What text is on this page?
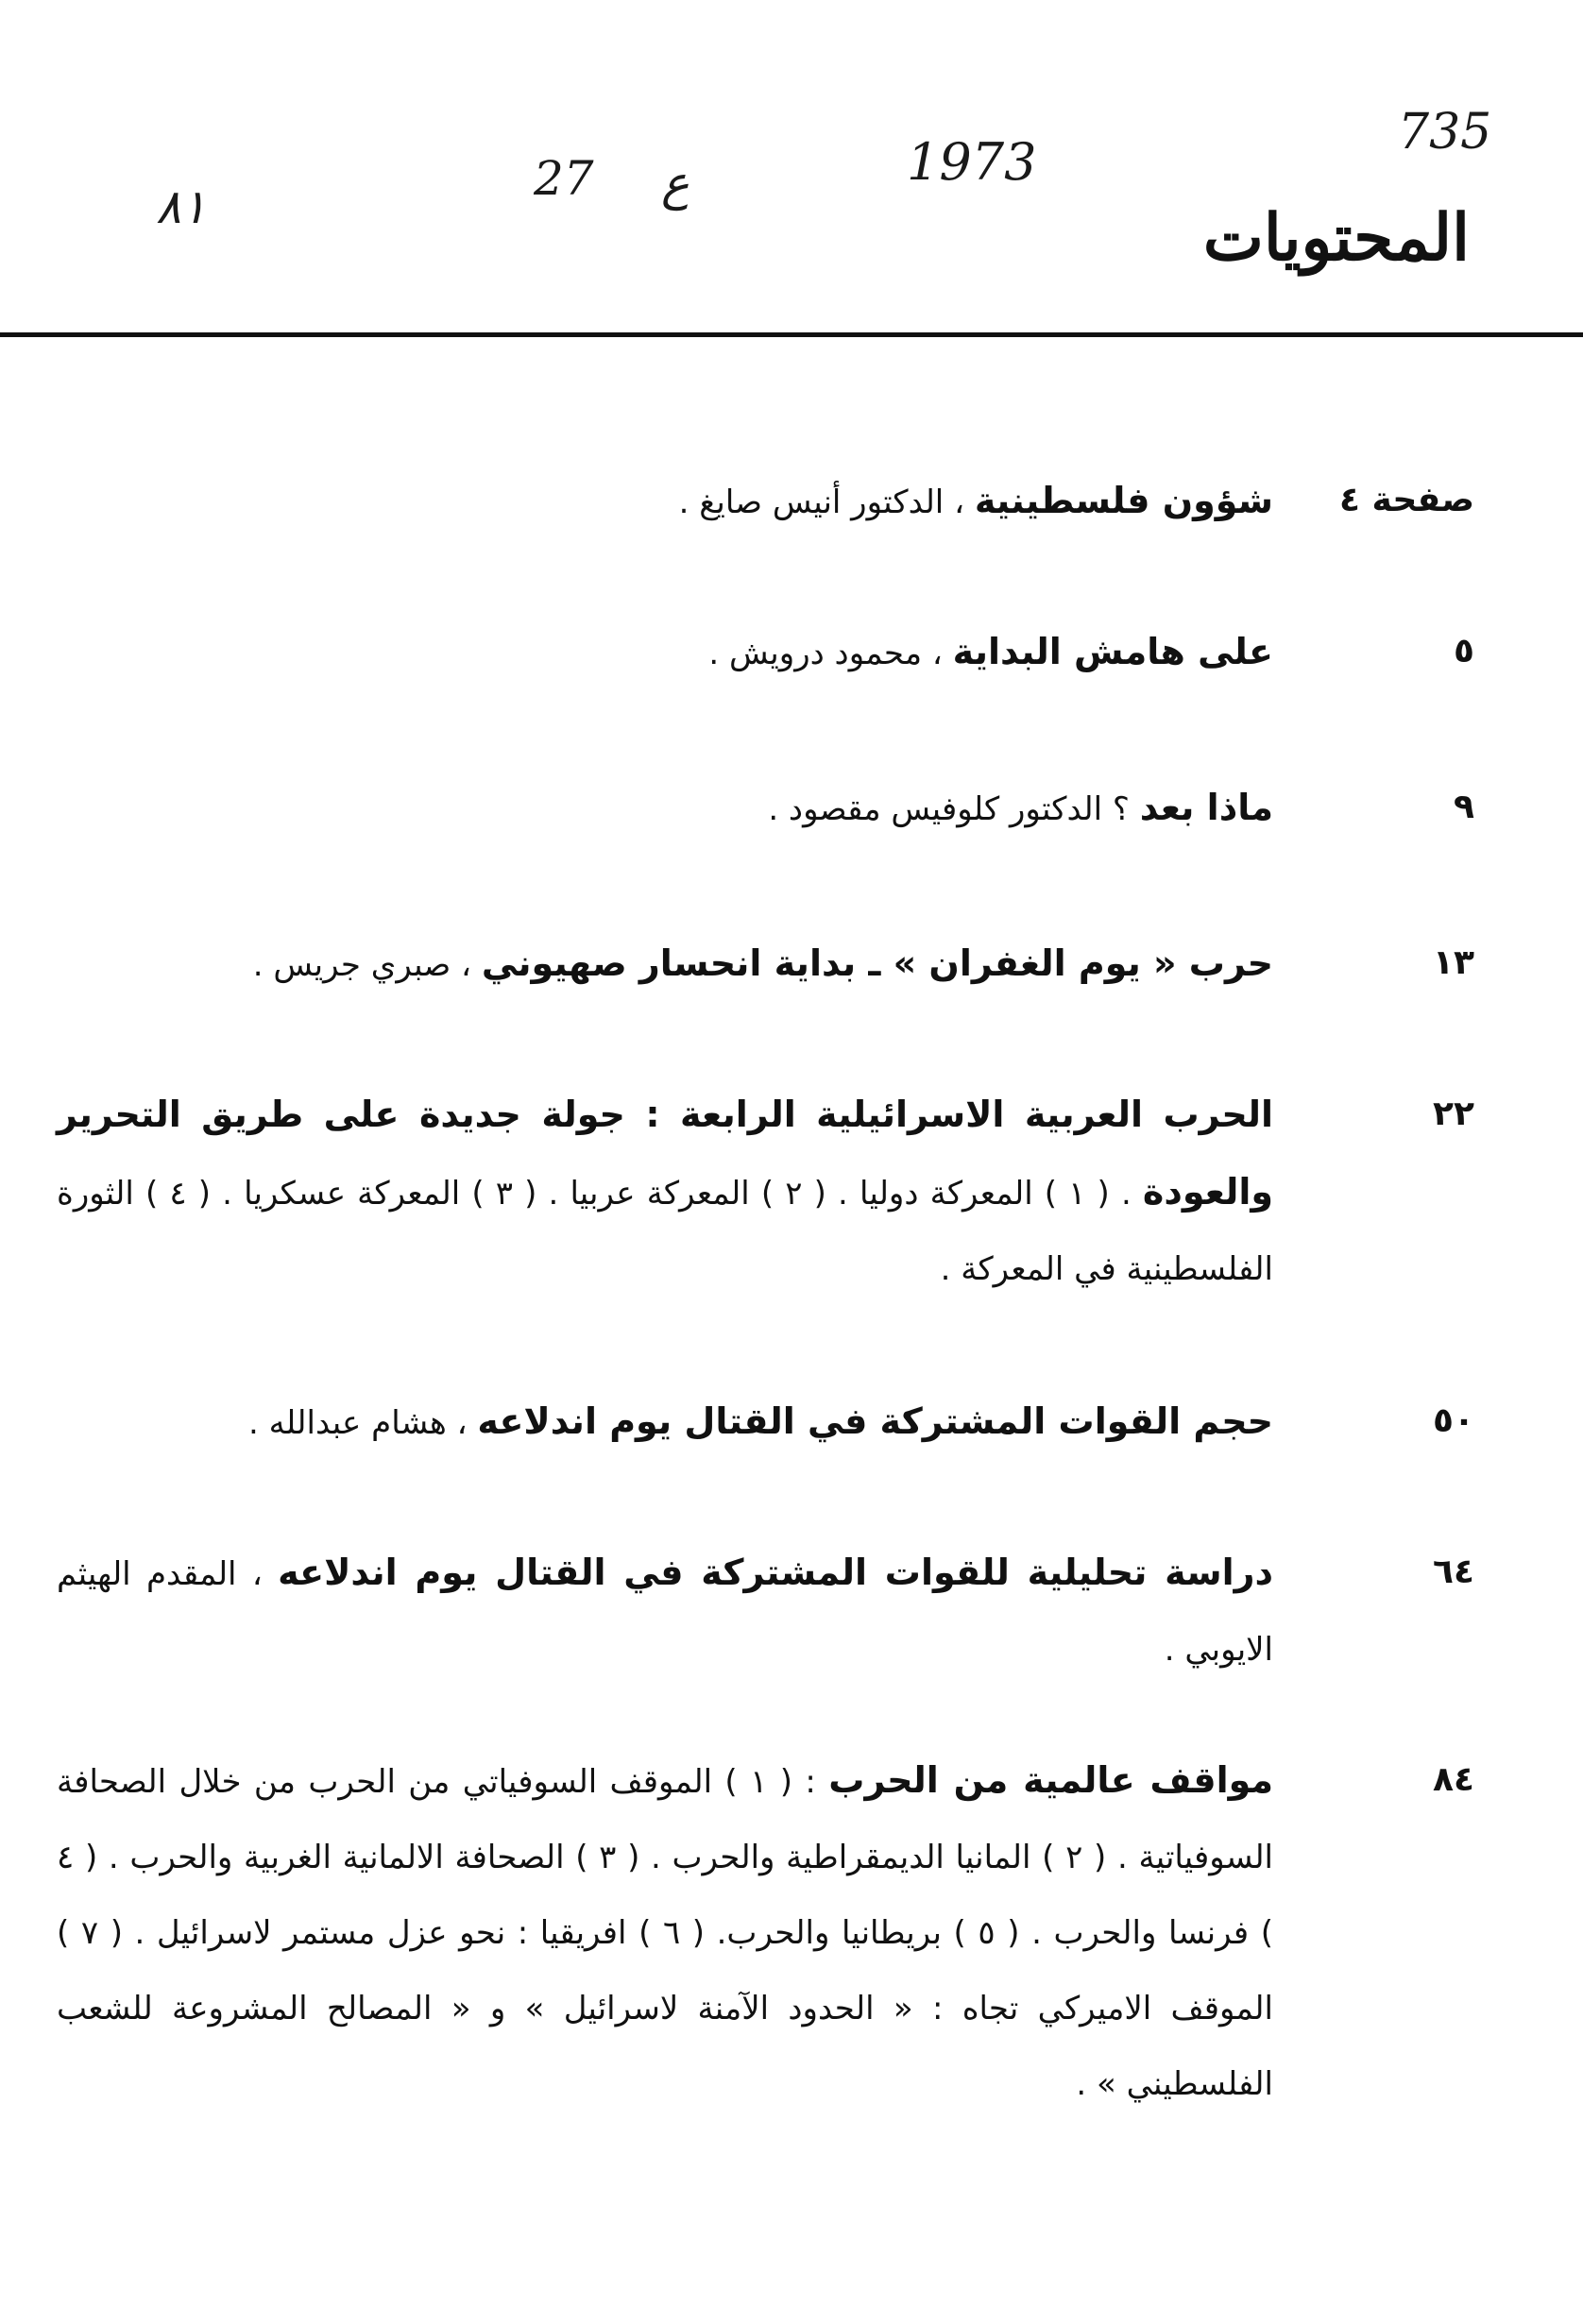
735
27 ع	1973
٨١	المحتويات
صفحة ٤
شؤون فلسطينية ، الدكتور أنيس صايغ .
٥
على هامش البداية ، محمود درويش .
٩
ماذا بعد ؟ الدكتور كلوفيس مقصود .
١٣
حرب « يوم الغفران » ـ بداية انحسار صهيوني ، صبري جريس .
٢٢
الحرب العربية الاسرائيلية الرابعة : جولة جديدة على طريق التحرير والعودة . ( ١ ) المعركة دوليا . ( ٢ ) المعركة عربيا . ( ٣ ) المعركة عسكريا . ( ٤ ) الثورة الفلسطينية في المعركة .
٥٠
حجم القوات المشتركة في القتال يوم اندلاعه ، هشام عبدالله .
٦٤
دراسة تحليلية للقوات المشتركة في القتال يوم اندلاعه ، المقدم الهيثم الايوبي .
٨٤
مواقف عالمية من الحرب : ( ١ ) الموقف السوفياتي من الحرب من خلال الصحافة السوفياتية . ( ٢ ) المانيا الديمقراطية والحرب . ( ٣ ) الصحافة الالمانية الغربية والحرب . ( ٤ ) فرنسا والحرب . ( ٥ ) بريطانيا والحرب. ( ٦ ) افريقيا : نحو عزل مستمر لاسرائيل . ( ٧ ) الموقف الاميركي تجاه : « الحدود الآمنة لاسرائيل » و « المصالح المشروعة للشعب الفلسطيني » .
